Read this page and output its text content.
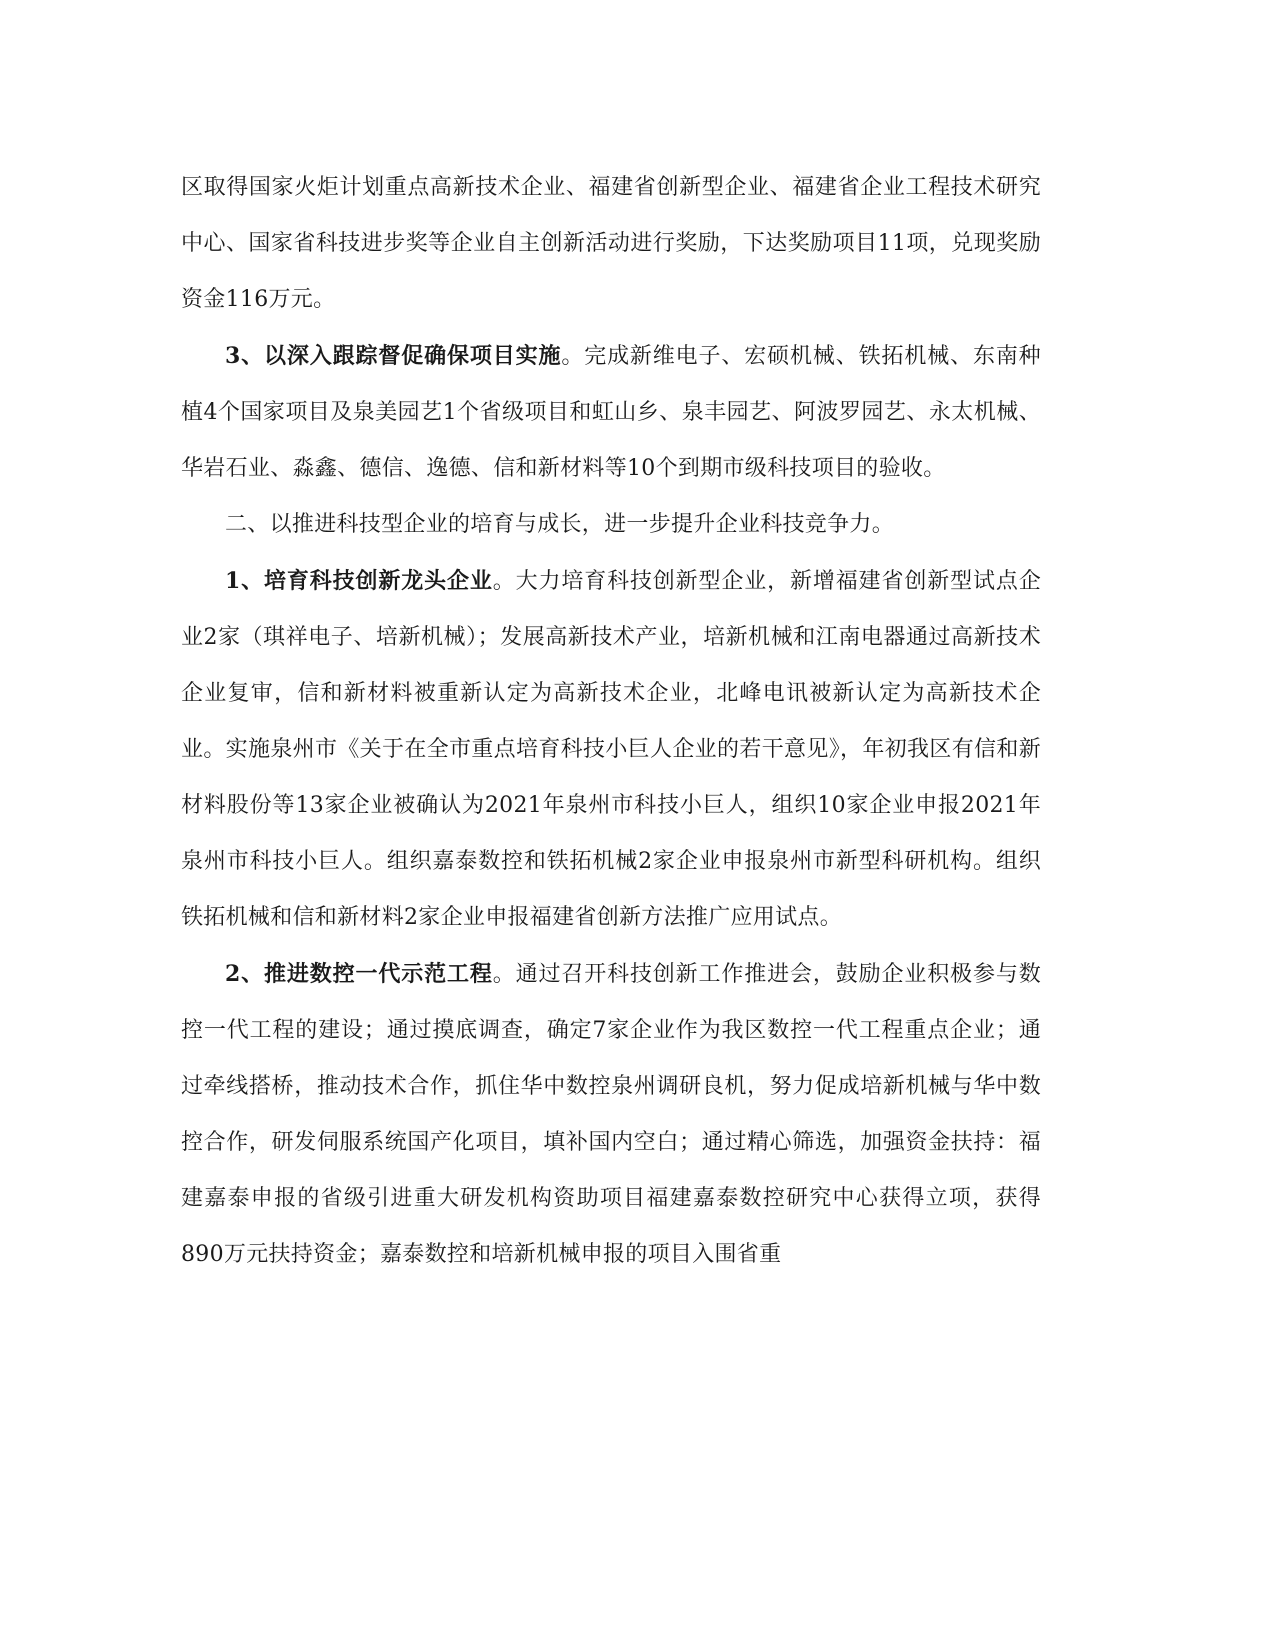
区取得国家火炬计划重点高新技术企业、福建省创新型企业、福建省企业工程技术研究中心、国家省科技进步奖等企业自主创新活动进行奖励，下达奖励项目11项，兑现奖励资金116万元。

3、以深入跟踪督促确保项目实施。完成新维电子、宏硕机械、铁拓机械、东南种植4个国家项目及泉美园艺1个省级项目和虹山乡、泉丰园艺、阿波罗园艺、永太机械、华岩石业、淼鑫、德信、逸德、信和新材料等10个到期市级科技项目的验收。

二、以推进科技型企业的培育与成长，进一步提升企业科技竞争力。

1、培育科技创新龙头企业。大力培育科技创新型企业，新增福建省创新型试点企业2家（琪祥电子、培新机械）；发展高新技术产业，培新机械和江南电器通过高新技术企业复审，信和新材料被重新认定为高新技术企业，北峰电讯被新认定为高新技术企业。实施泉州市《关于在全市重点培育科技小巨人企业的若干意见》，年初我区有信和新材料股份等13家企业被确认为2021年泉州市科技小巨人，组织10家企业申报2021年泉州市科技小巨人。组织嘉泰数控和铁拓机械2家企业申报泉州市新型科研机构。组织铁拓机械和信和新材料2家企业申报福建省创新方法推广应用试点。

2、推进数控一代示范工程。通过召开科技创新工作推进会，鼓励企业积极参与数控一代工程的建设；通过摸底调查，确定7家企业作为我区数控一代工程重点企业；通过牵线搭桥，推动技术合作，抓住华中数控泉州调研良机，努力促成培新机械与华中数控合作，研发伺服系统国产化项目，填补国内空白；通过精心筛选，加强资金扶持：福建嘉泰申报的省级引进重大研发机构资助项目福建嘉泰数控研究中心获得立项，获得890万元扶持资金；嘉泰数控和培新机械申报的项目入围省重
